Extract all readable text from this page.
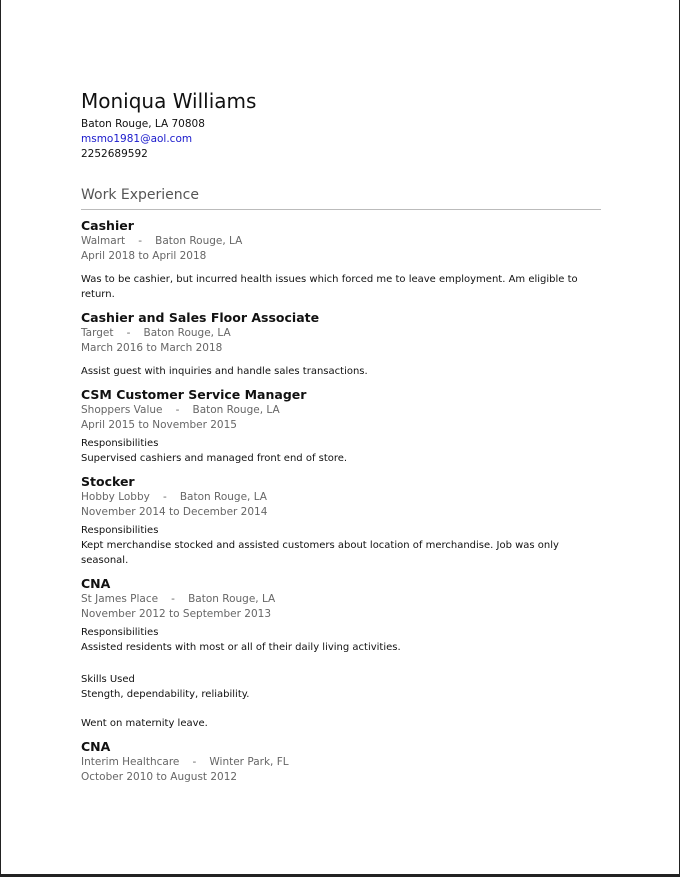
Moniqua Williams
Baton Rouge, LA 70808
msmo1981@aol.com
2252689592
Work Experience
Cashier
Walmart - Baton Rouge, LA
April 2018 to April 2018
Was to be cashier, but incurred health issues which forced me to leave employment. Am eligible to return.
Cashier and Sales Floor Associate
Target - Baton Rouge, LA
March 2016 to March 2018
Assist guest with inquiries and handle sales transactions.
CSM Customer Service Manager
Shoppers Value - Baton Rouge, LA
April 2015 to November 2015
Responsibilities
Supervised cashiers and managed front end of store.
Stocker
Hobby Lobby - Baton Rouge, LA
November 2014 to December 2014
Responsibilities
Kept merchandise stocked and assisted customers about location of merchandise. Job was only seasonal.
CNA
St James Place - Baton Rouge, LA
November 2012 to September 2013
Responsibilities
Assisted residents with most or all of their daily living activities.
Skills Used
Stength, dependability, reliability.
Went on maternity leave.
CNA
Interim Healthcare - Winter Park, FL
October 2010 to August 2012
